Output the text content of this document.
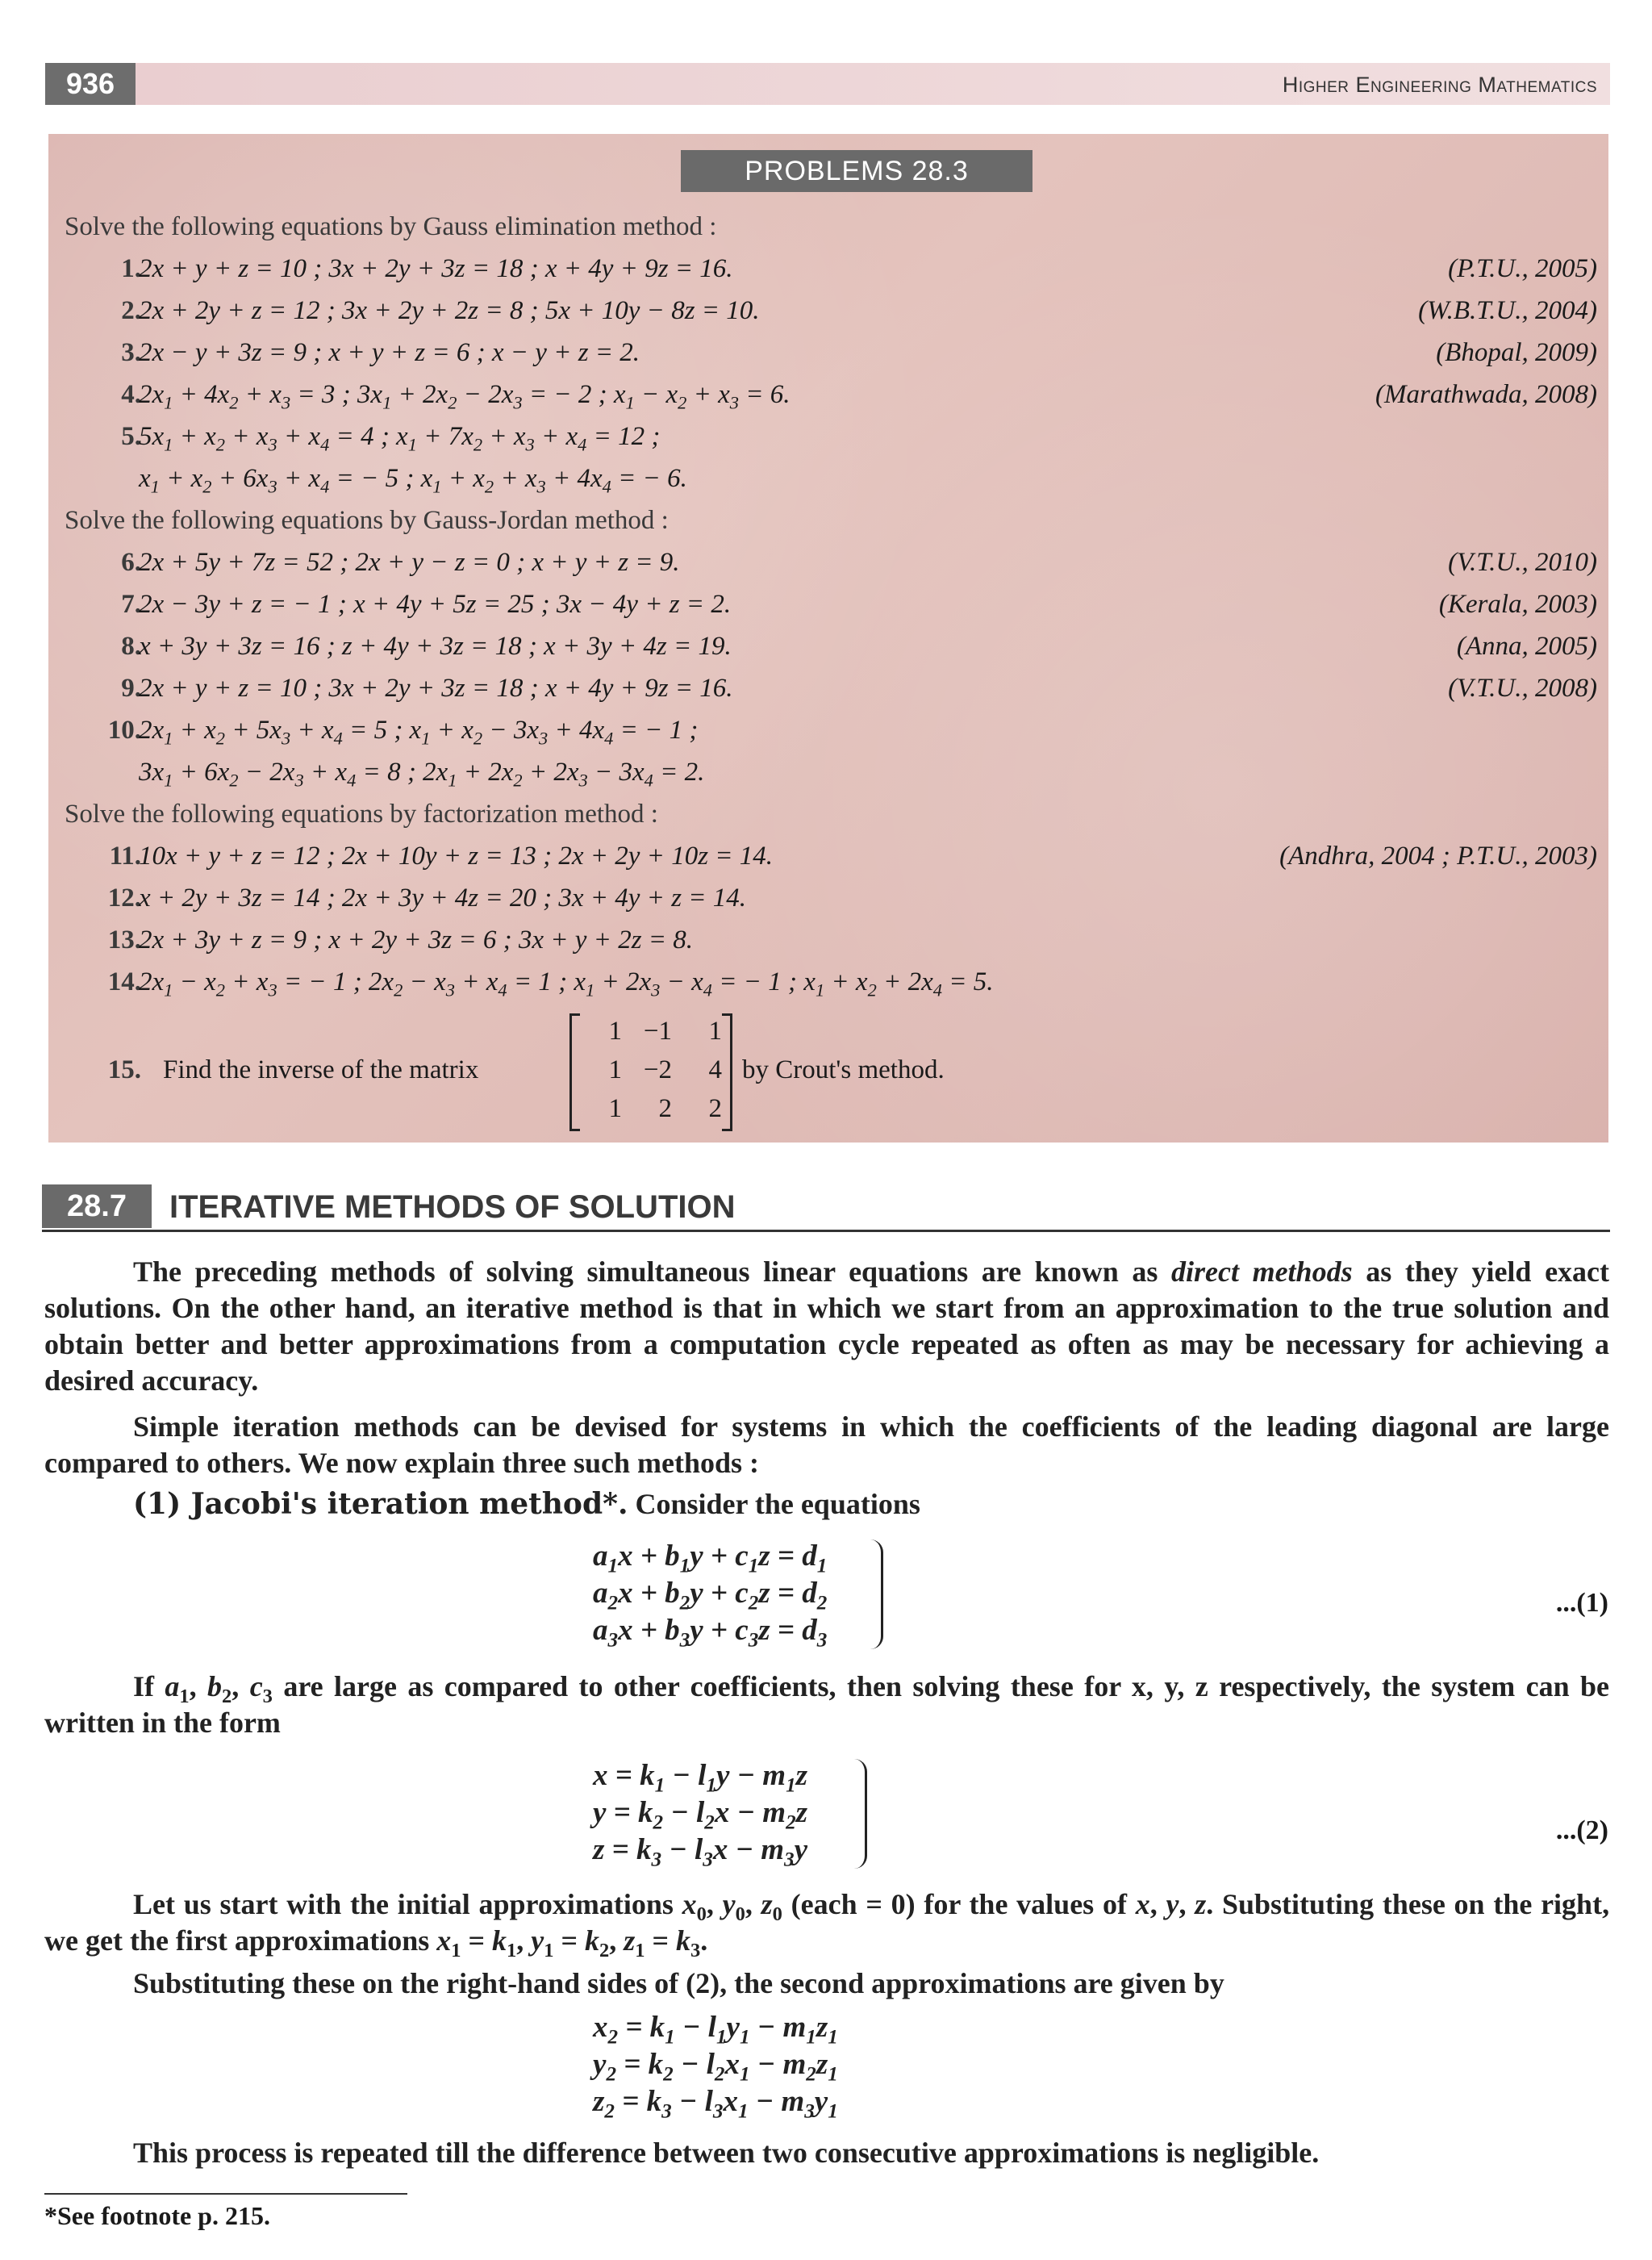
936	Higher Engineering Mathematics
PROBLEMS 28.3
Solve the following equations by Gauss elimination method :
1.
2x + y + z = 10 ; 3x + 2y + 3z = 18 ; x + 4y + 9z = 16.	(P.T.U., 2005)
2.
2x + 2y + z = 12 ; 3x + 2y + 2z = 8 ; 5x + 10y − 8z = 10.	(W.B.T.U., 2004)
3.
2x − y + 3z = 9 ; x + y + z = 6 ; x − y + z = 2.	(Bhopal, 2009)
4.
$2x_1 + 4x_2 + x_3 = 3$ ; $3x_1 + 2x_2 - 2x_3$ = − 2 ; $x_1 - x_2 + x_3 = 6$.	(Marathwada, 2008)
5.
$5x_1 + x_2 + x_3 + x_4 = 4$ ; $x_1 + 7x_2 + x_3 + x_4 = 12$ ;
$x_1 + x_2 + 6x_3 + x_4$ = − 5 ; $x_1 + x_2 + x_3 + 4x_4$ = − 6.
Solve the following equations by Gauss-Jordan method :
6.
2x + 5y + 7z = 52 ; 2x + y − z = 0 ; x + y + z = 9.	(V.T.U., 2010)
7.
2x − 3y + z = − 1 ; x + 4y + 5z = 25 ; 3x − 4y + z = 2.	(Kerala, 2003)
8.
x + 3y + 3z = 16 ; z + 4y + 3z = 18 ; x + 3y + 4z = 19.	(Anna, 2005)
9.
2x + y + z = 10 ; 3x + 2y + 3z = 18 ; x + 4y + 9z = 16.	(V.T.U., 2008)
10.
$2x_1 + x_2 + 5x_3 + x_4 = 5$ ; $x_1 + x_2 - 3x_3 + 4x_4$ = − 1 ;
$3x_1 + 6x_2 - 2x_3 + x_4 = 8$ ; $2x_1 + 2x_2 + 2x_3 - 3x_4 = 2$.
Solve the following equations by factorization method :
11.
10x + y + z = 12 ; 2x + 10y + z = 13 ; 2x + 2y + 10z = 14.	(Andhra, 2004 ; P.T.U., 2003)
12.
x + 2y + 3z = 14 ; 2x + 3y + 4z = 20 ; 3x + 4y + z = 14.
13.
2x + 3y + z = 9 ; x + 2y + 3z = 6 ; 3x + y + 2z = 8.
14.
$2x_1 - x_2 + x_3$ = − 1 ; $2x_2 - x_3 + x_4 = 1$ ; $x_1 + 2x_3 - x_4$ = − 1 ; $x_1 + x_2 + 2x_4 = 5$.
15. Find the inverse of the matrix
1 −1	1
1 −2	4
1	2	2
by Crout's method.
28.7	ITERATIVE METHODS OF SOLUTION
The preceding methods of solving simultaneous linear equations are known as direct methods as they yield exact solutions. On the other hand, an iterative method is that in which we start from an approximation to the true solution and obtain better and better approximations from a computation cycle repeated as often as may be necessary for achieving a desired accuracy.
Simple iteration methods can be devised for systems in which the coefficients of the leading diagonal are large compared to others. We now explain three such methods :
(1) Jacobi's iteration method*. Consider the equations
$a_1x + b_1y + c_1z = d_1$
$a_2x + b_2y + c_2z = d_2$
$a_3x + b_3y + c_3z = d_3$
...(1)
If $a_1$, $b_2$, $c_3$ are large as compared to other coefficients, then solving these for x, y, z respectively, the system can be written in the form
$x = k_1 - l_1y - m_1z$
$y = k_2 - l_2x - m_2z$
$z = k_3 - l_3x - m_3y$
...(2)
Let us start with the initial approximations $x_0$, $y_0$, $z_0$ (each = 0) for the values of x, y, z. Substituting these on the right, we get the first approximations $x_1 = k_1$, $y_1 = k_2$, $z_1 = k_3$.
Substituting these on the right-hand sides of (2), the second approximations are given by
$x_2 = k_1 - l_1y_1 - m_1z_1$
$y_2 = k_2 - l_2x_1 - m_2z_1$
$z_2 = k_3 - l_3x_1 - m_3y_1$
This process is repeated till the difference between two consecutive approximations is negligible.
*See footnote p. 215.
